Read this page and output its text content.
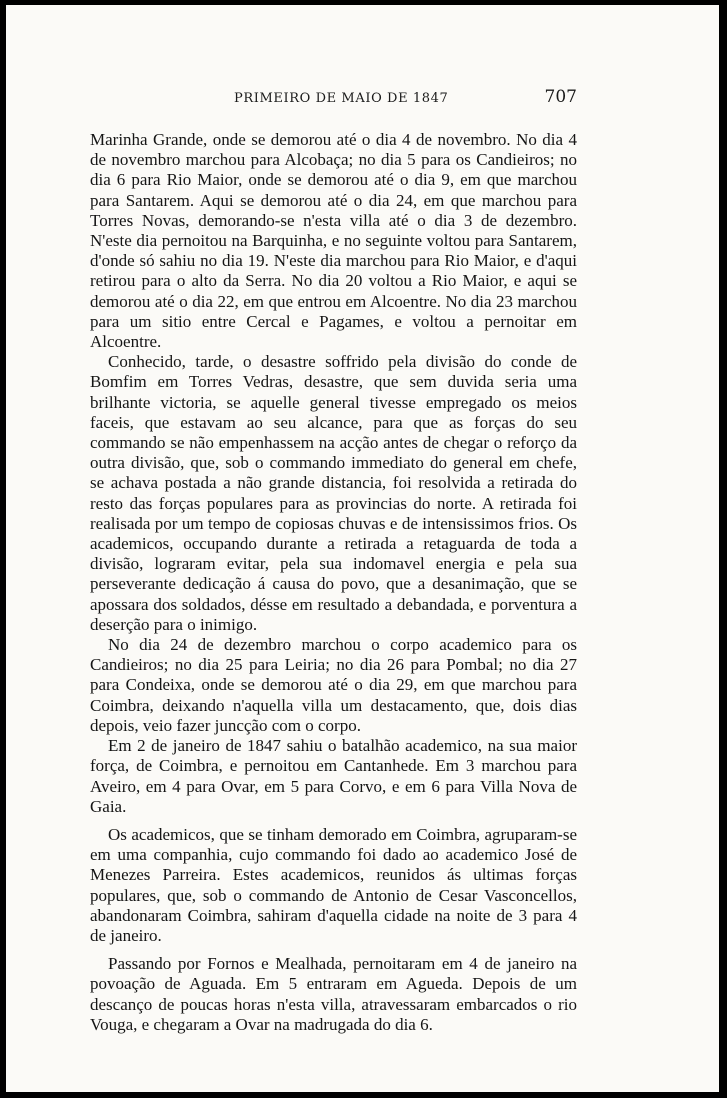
PRIMEIRO DE MAIO DE 1847	707

Marinha Grande, onde se demorou até o dia 4 de novembro. No dia 4 de novembro marchou para Alcobaça; no dia 5 para os Candieiros; no dia 6 para Rio Maior, onde se demorou até o dia 9, em que marchou para Santarem. Aqui se demorou até o dia 24, em que marchou para Torres Novas, demorando-se n'esta villa até o dia 3 de dezembro. N'este dia pernoitou na Barquinha, e no seguinte voltou para Santarem, d'onde só sahiu no dia 19. N'este dia marchou para Rio Maior, e d'aqui retirou para o alto da Serra. No dia 20 voltou a Rio Maior, e aqui se demorou até o dia 22, em que entrou em Alcoentre. No dia 23 marchou para um sitio entre Cercal e Pagames, e voltou a pernoitar em Alcoentre.

Conhecido, tarde, o desastre soffrido pela divisão do conde de Bomfim em Torres Vedras, desastre, que sem duvida seria uma brilhante victoria, se aquelle general tivesse empregado os meios faceis, que estavam ao seu alcance, para que as forças do seu commando se não empenhassem na acção antes de chegar o reforço da outra divisão, que, sob o commando immediato do general em chefe, se achava postada a não grande distancia, foi resolvida a retirada do resto das forças populares para as provincias do norte. A retirada foi realisada por um tempo de copiosas chuvas e de intensissimos frios. Os academicos, occupando durante a retirada a retaguarda de toda a divisão, lograram evitar, pela sua indomavel energia e pela sua perseverante dedicação á causa do povo, que a desanimação, que se apossara dos soldados, désse em resultado a debandada, e porventura a deserção para o inimigo.

No dia 24 de dezembro marchou o corpo academico para os Candieiros; no dia 25 para Leiria; no dia 26 para Pombal; no dia 27 para Condeixa, onde se demorou até o dia 29, em que marchou para Coimbra, deixando n'aquella villa um destacamento, que, dois dias depois, veio fazer juncção com o corpo.

Em 2 de janeiro de 1847 sahiu o batalhão academico, na sua maior força, de Coimbra, e pernoitou em Cantanhede. Em 3 marchou para Aveiro, em 4 para Ovar, em 5 para Corvo, e em 6 para Villa Nova de Gaia.

Os academicos, que se tinham demorado em Coimbra, agruparam-se em uma companhia, cujo commando foi dado ao academico José de Menezes Parreira. Estes academicos, reunidos ás ultimas forças populares, que, sob o commando de Antonio de Cesar Vasconcellos, abandonaram Coimbra, sahiram d'aquella cidade na noite de 3 para 4 de janeiro.

Passando por Fornos e Mealhada, pernoitaram em 4 de janeiro na povoação de Aguada. Em 5 entraram em Agueda. Depois de um descanço de poucas horas n'esta villa, atravessaram embarcados o rio Vouga, e chegaram a Ovar na madrugada do dia 6.
